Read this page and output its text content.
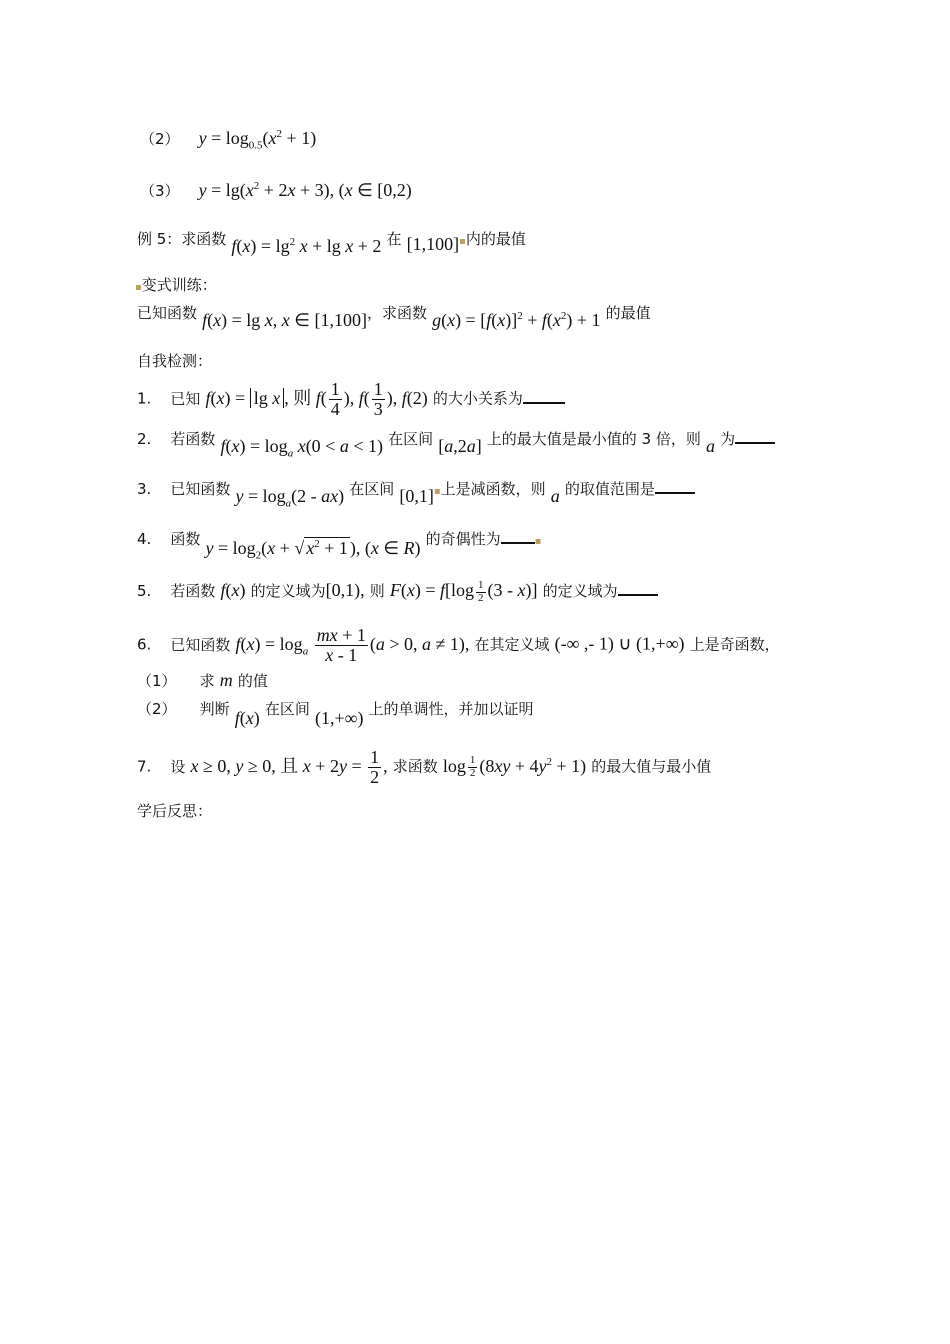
（2） $y = \log_{0.5}(x^2 + 1)$
（3） $y = \lg(x^2 + 2x + 3)$, (x ∈ [0,2)
例 5：求函数 $f(x) = \lg^2 x + \lg x + 2$ 在 [1,100]▪内的最值
▪变式训练：
已知函数 f(x) = lg x, x ∈ [1,100]，求函数 $g(x) = [f(x)]^2 + f(x^2) + 1$ 的最值
自我检测：
1. 已知 f(x) = lg x , 则 $f( \frac{1}{4}$ ), $f( \frac{1}{3}$ ), f(2) 的大小关系为
2. 若函数 $f(x) = \log_a x(0 < a < 1)$ 在区间 [a,2a] 上的最大值是最小值的 3 倍，则 a 为
3. 已知函数 $y = \log_a(2 - ax)$ 在区间 [0,1]▪上是减函数，则 a 的取值范围是
4. 函数 $y = \log_2(x$ + √ $x^2 + 1$ ), (x ∈ R) 的奇偶性为	▪
5. 若函数 f(x) 的定义域为[0,1), 则 $F(x) = f[\log \frac{1}{2} (3 - x)]$ 的定义域为
6. 已知函数 $f(x) = \log_a \frac{mx + 1}{x - 1} (a > 0$, a ≠ 1), 在其定义域 (-∞ ,- 1) ∪ (1,+∞) 上是奇函数，
（1） 求 m 的值
（2） 判断 f(x) 在区间 (1,+∞) 上的单调性，并加以证明
7. 设 x ≥ 0, y ≥ 0, 且 $x + 2y = \frac{1}{2}$ , 求函数 $\log \frac{1}{2} (8xy + 4y^2 + 1)$ 的最大值与最小值
学后反思：
